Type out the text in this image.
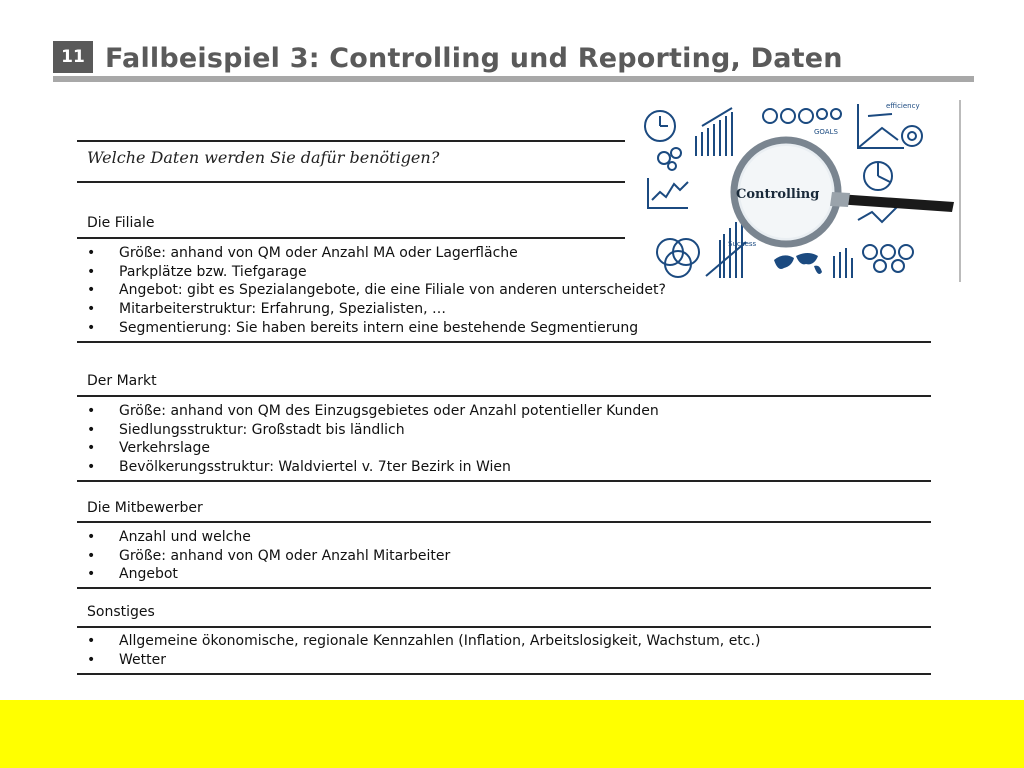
11 Fallbeispiel 3: Controlling und Reporting, Daten

Welche Daten werden Sie dafür benötigen?

Die Filiale

• Größe: anhand von QM oder Anzahl MA oder Lagerfläche
• Parkplätze bzw. Tiefgarage
• Angebot: gibt es Spezialangebote, die eine Filiale von anderen unterscheidet?
• Mitarbeiterstruktur: Erfahrung, Spezialisten, …
• Segmentierung: Sie haben bereits intern eine bestehende Segmentierung

Der Markt

• Größe: anhand von QM des Einzugsgebietes oder Anzahl potentieller Kunden
• Siedlungsstruktur: Großstadt bis ländlich
• Verkehrslage
• Bevölkerungsstruktur: Waldviertel v. 7ter Bezirk in Wien

Die Mitbewerber

• Anzahl und welche
• Größe: anhand von QM oder Anzahl Mitarbeiter
• Angebot

Sonstiges

• Allgemeine ökonomische, regionale Kennzahlen (Inflation, Arbeitslosigkeit, Wachstum, etc.)
• Wetter
Controlling
GOALS
efficiency
Success
